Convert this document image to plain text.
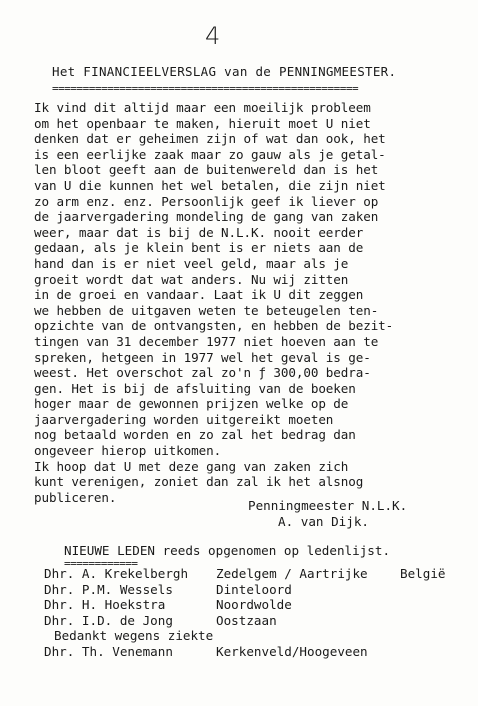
4
Het FINANCIEELVERSLAG van de PENNINGMEESTER.
Ik vind dit altijd maar een moeilijk probleem
om het openbaar te maken, hieruit moet U niet
denken dat er geheimen zijn of wat dan ook, het
is een eerlijke zaak maar zo gauw als je getal-
len bloot geeft aan de buitenwereld dan is het
van U die kunnen het wel betalen, die zijn niet
zo arm enz. enz. Persoonlijk geef ik liever op
de jaarvergadering mondeling de gang van zaken
weer, maar dat is bij de N.L.K. nooit eerder
gedaan, als je klein bent is er niets aan de
hand dan is er niet veel geld, maar als je
groeit wordt dat wat anders. Nu wij zitten
in de groei en vandaar. Laat ik U dit zeggen
we hebben de uitgaven weten te beteugelen ten-
opzichte van de ontvangsten, en hebben de bezit-
tingen van 31 december 1977 niet hoeven aan te
spreken, hetgeen in 1977 wel het geval is ge-
weest. Het overschot zal zo'n ƒ 300,00 bedra-
gen. Het is bij de afsluiting van de boeken
hoger maar de gewonnen prijzen welke op de
jaarvergadering worden uitgereikt moeten
nog betaald worden en zo zal het bedrag dan
ongeveer hierop uitkomen.
Ik hoop dat U met deze gang van zaken zich
kunt verenigen, zoniet dan zal ik het alsnog
publiceren.
Penningmeester N.L.K.
A. van Dijk.
NIEUWE LEDEN reeds opgenomen op ledenlijst.
Dhr. A. Krekelbergh Zedelgem / Aartrijke	België
Dhr. P.M. Wessels	Dinteloord
Dhr. H. Hoekstra	Noordwolde
Dhr. I.D. de Jong	Oostzaan
Bedankt wegens ziekte
Dhr. Th. Venemann	Kerkenveld/Hoogeveen
